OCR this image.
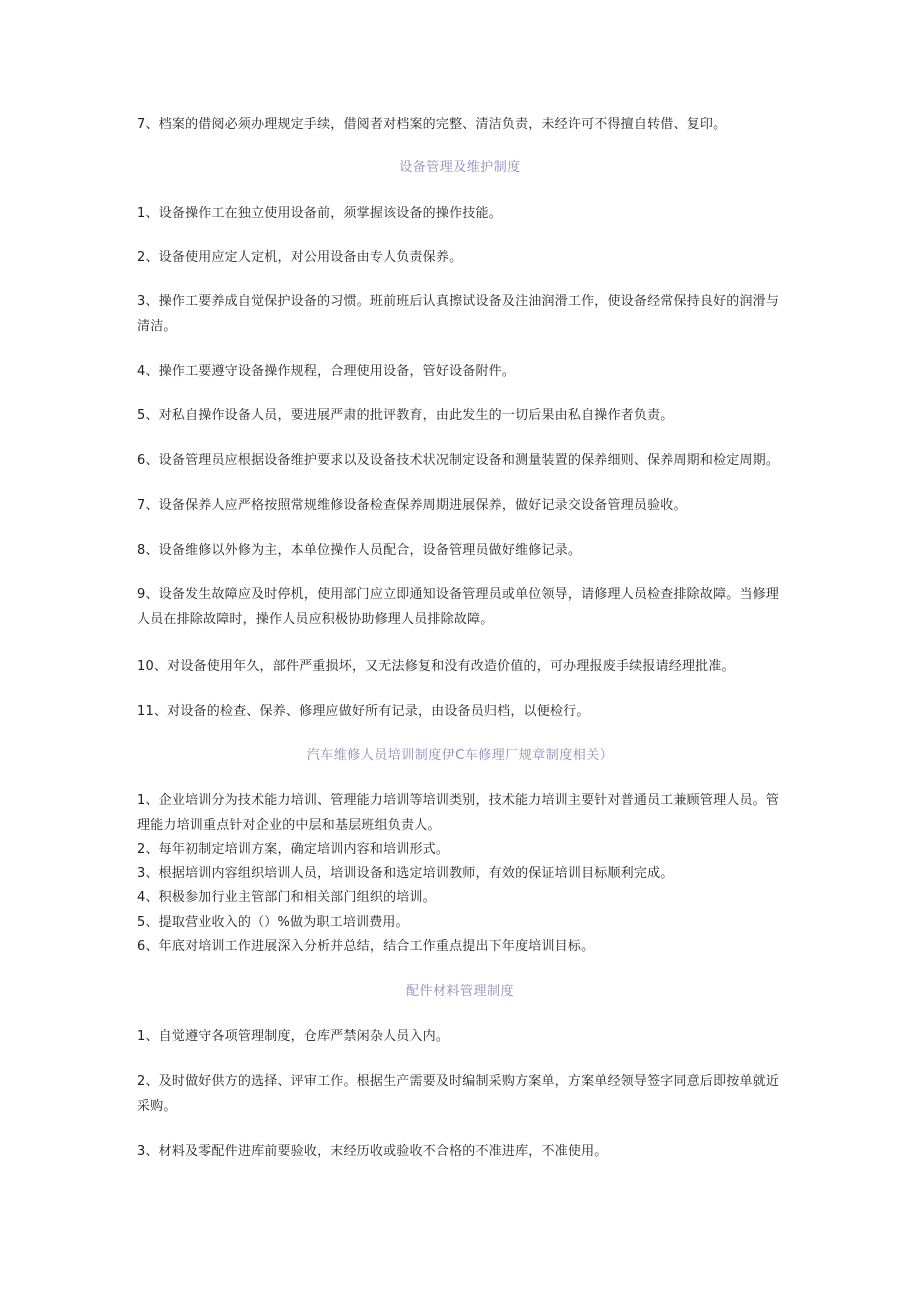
7、档案的借阅必须办理规定手续，借阅者对档案的完整、清洁负责，未经许可不得擅自转借、复印。

设备管理及维护制度

1、设备操作工在独立使用设备前，须掌握该设备的操作技能。

2、设备使用应定人定机，对公用设备由专人负责保养。

3、操作工要养成自觉保护设备的习惯。班前班后认真擦试设备及注油润滑工作，使设备经常保持良好的润滑与清洁。

4、操作工要遵守设备操作规程，合理使用设备，管好设备附件。

5、对私自操作设备人员，要进展严肃的批评教育，由此发生的一切后果由私自操作者负责。

6、设备管理员应根据设备维护要求以及设备技术状况制定设备和测量装置的保养细则、保养周期和检定周期。

7、设备保养人应严格按照常规维修设备检查保养周期进展保养，做好记录交设备管理员验收。

8、设备维修以外修为主，本单位操作人员配合，设备管理员做好维修记录。

9、设备发生故障应及时停机，使用部门应立即通知设备管理员或单位领导，请修理人员检查排除故障。当修理人员在排除故障时，操作人员应积极协助修理人员排除故障。

10、对设备使用年久，部件严重损坏，又无法修复和没有改造价值的，可办理报废手续报请经理批准。

11、对设备的检查、保养、修理应做好所有记录，由设备员归档，以便检行。

汽车维修人员培训制度伊C车修理厂规章制度相关）

1、企业培训分为技术能力培训、管理能力培训等培训类别，技术能力培训主要针对普通员工兼顾管理人员。管理能力培训重点针对企业的中层和基层班组负责人。

2、每年初制定培训方案，确定培训内容和培训形式。

3、根据培训内容组织培训人员，培训设备和选定培训教师，有效的保证培训目标顺利完成。

4、积极参加行业主管部门和相关部门组织的培训。

5、提取营业收入的（）%做为职工培训费用。

6、年底对培训工作进展深入分析并总结，结合工作重点提出下年度培训目标。

配件材料管理制度

1、自觉遵守各项管理制度，仓库严禁闲杂人员入内。

2、及时做好供方的选择、评审工作。根据生产需要及时编制采购方案单，方案单经领导签字同意后即按单就近采购。

3、材料及零配件进库前要验收，末经历收或验收不合格的不准进库，不准使用。
